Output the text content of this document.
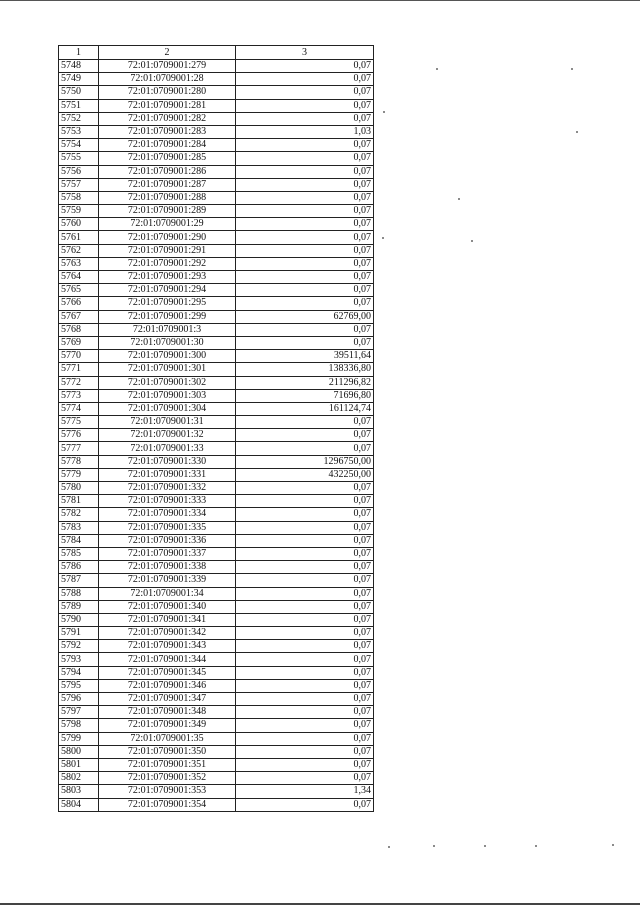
1	2	3
5748	72:01:0709001:279	0,07
5749	72:01:0709001:28	0,07
5750	72:01:0709001:280	0,07
5751	72:01:0709001:281	0,07
5752	72:01:0709001:282	0,07
5753	72:01:0709001:283	1,03
5754	72:01:0709001:284	0,07
5755	72:01:0709001:285	0,07
5756	72:01:0709001:286	0,07
5757	72:01:0709001:287	0,07
5758	72:01:0709001:288	0,07
5759	72:01:0709001:289	0,07
5760	72:01:0709001:29	0,07
5761	72:01:0709001:290	0,07
5762	72:01:0709001:291	0,07
5763	72:01:0709001:292	0,07
5764	72:01:0709001:293	0,07
5765	72:01:0709001:294	0,07
5766	72:01:0709001:295	0,07
5767	72:01:0709001:299	62769,00
5768	72:01:0709001:3	0,07
5769	72:01:0709001:30	0,07
5770	72:01:0709001:300	39511,64
5771	72:01:0709001:301	138336,80
5772	72:01:0709001:302	211296,82
5773	72:01:0709001:303	71696,80
5774	72:01:0709001:304	161124,74
5775	72:01:0709001:31	0,07
5776	72:01:0709001:32	0,07
5777	72:01:0709001:33	0,07
5778	72:01:0709001:330	1296750,00
5779	72:01:0709001:331	432250,00
5780	72:01:0709001:332	0,07
5781	72:01:0709001:333	0,07
5782	72:01:0709001:334	0,07
5783	72:01:0709001:335	0,07
5784	72:01:0709001:336	0,07
5785	72:01:0709001:337	0,07
5786	72:01:0709001:338	0,07
5787	72:01:0709001:339	0,07
5788	72:01:0709001:34	0,07
5789	72:01:0709001:340	0,07
5790	72:01:0709001:341	0,07
5791	72:01:0709001:342	0,07
5792	72:01:0709001:343	0,07
5793	72:01:0709001:344	0,07
5794	72:01:0709001:345	0,07
5795	72:01:0709001:346	0,07
5796	72:01:0709001:347	0,07
5797	72:01:0709001:348	0,07
5798	72:01:0709001:349	0,07
5799	72:01:0709001:35	0,07
5800	72:01:0709001:350	0,07
5801	72:01:0709001:351	0,07
5802	72:01:0709001:352	0,07
5803	72:01:0709001:353	1,34
5804	72:01:0709001:354	0,07
